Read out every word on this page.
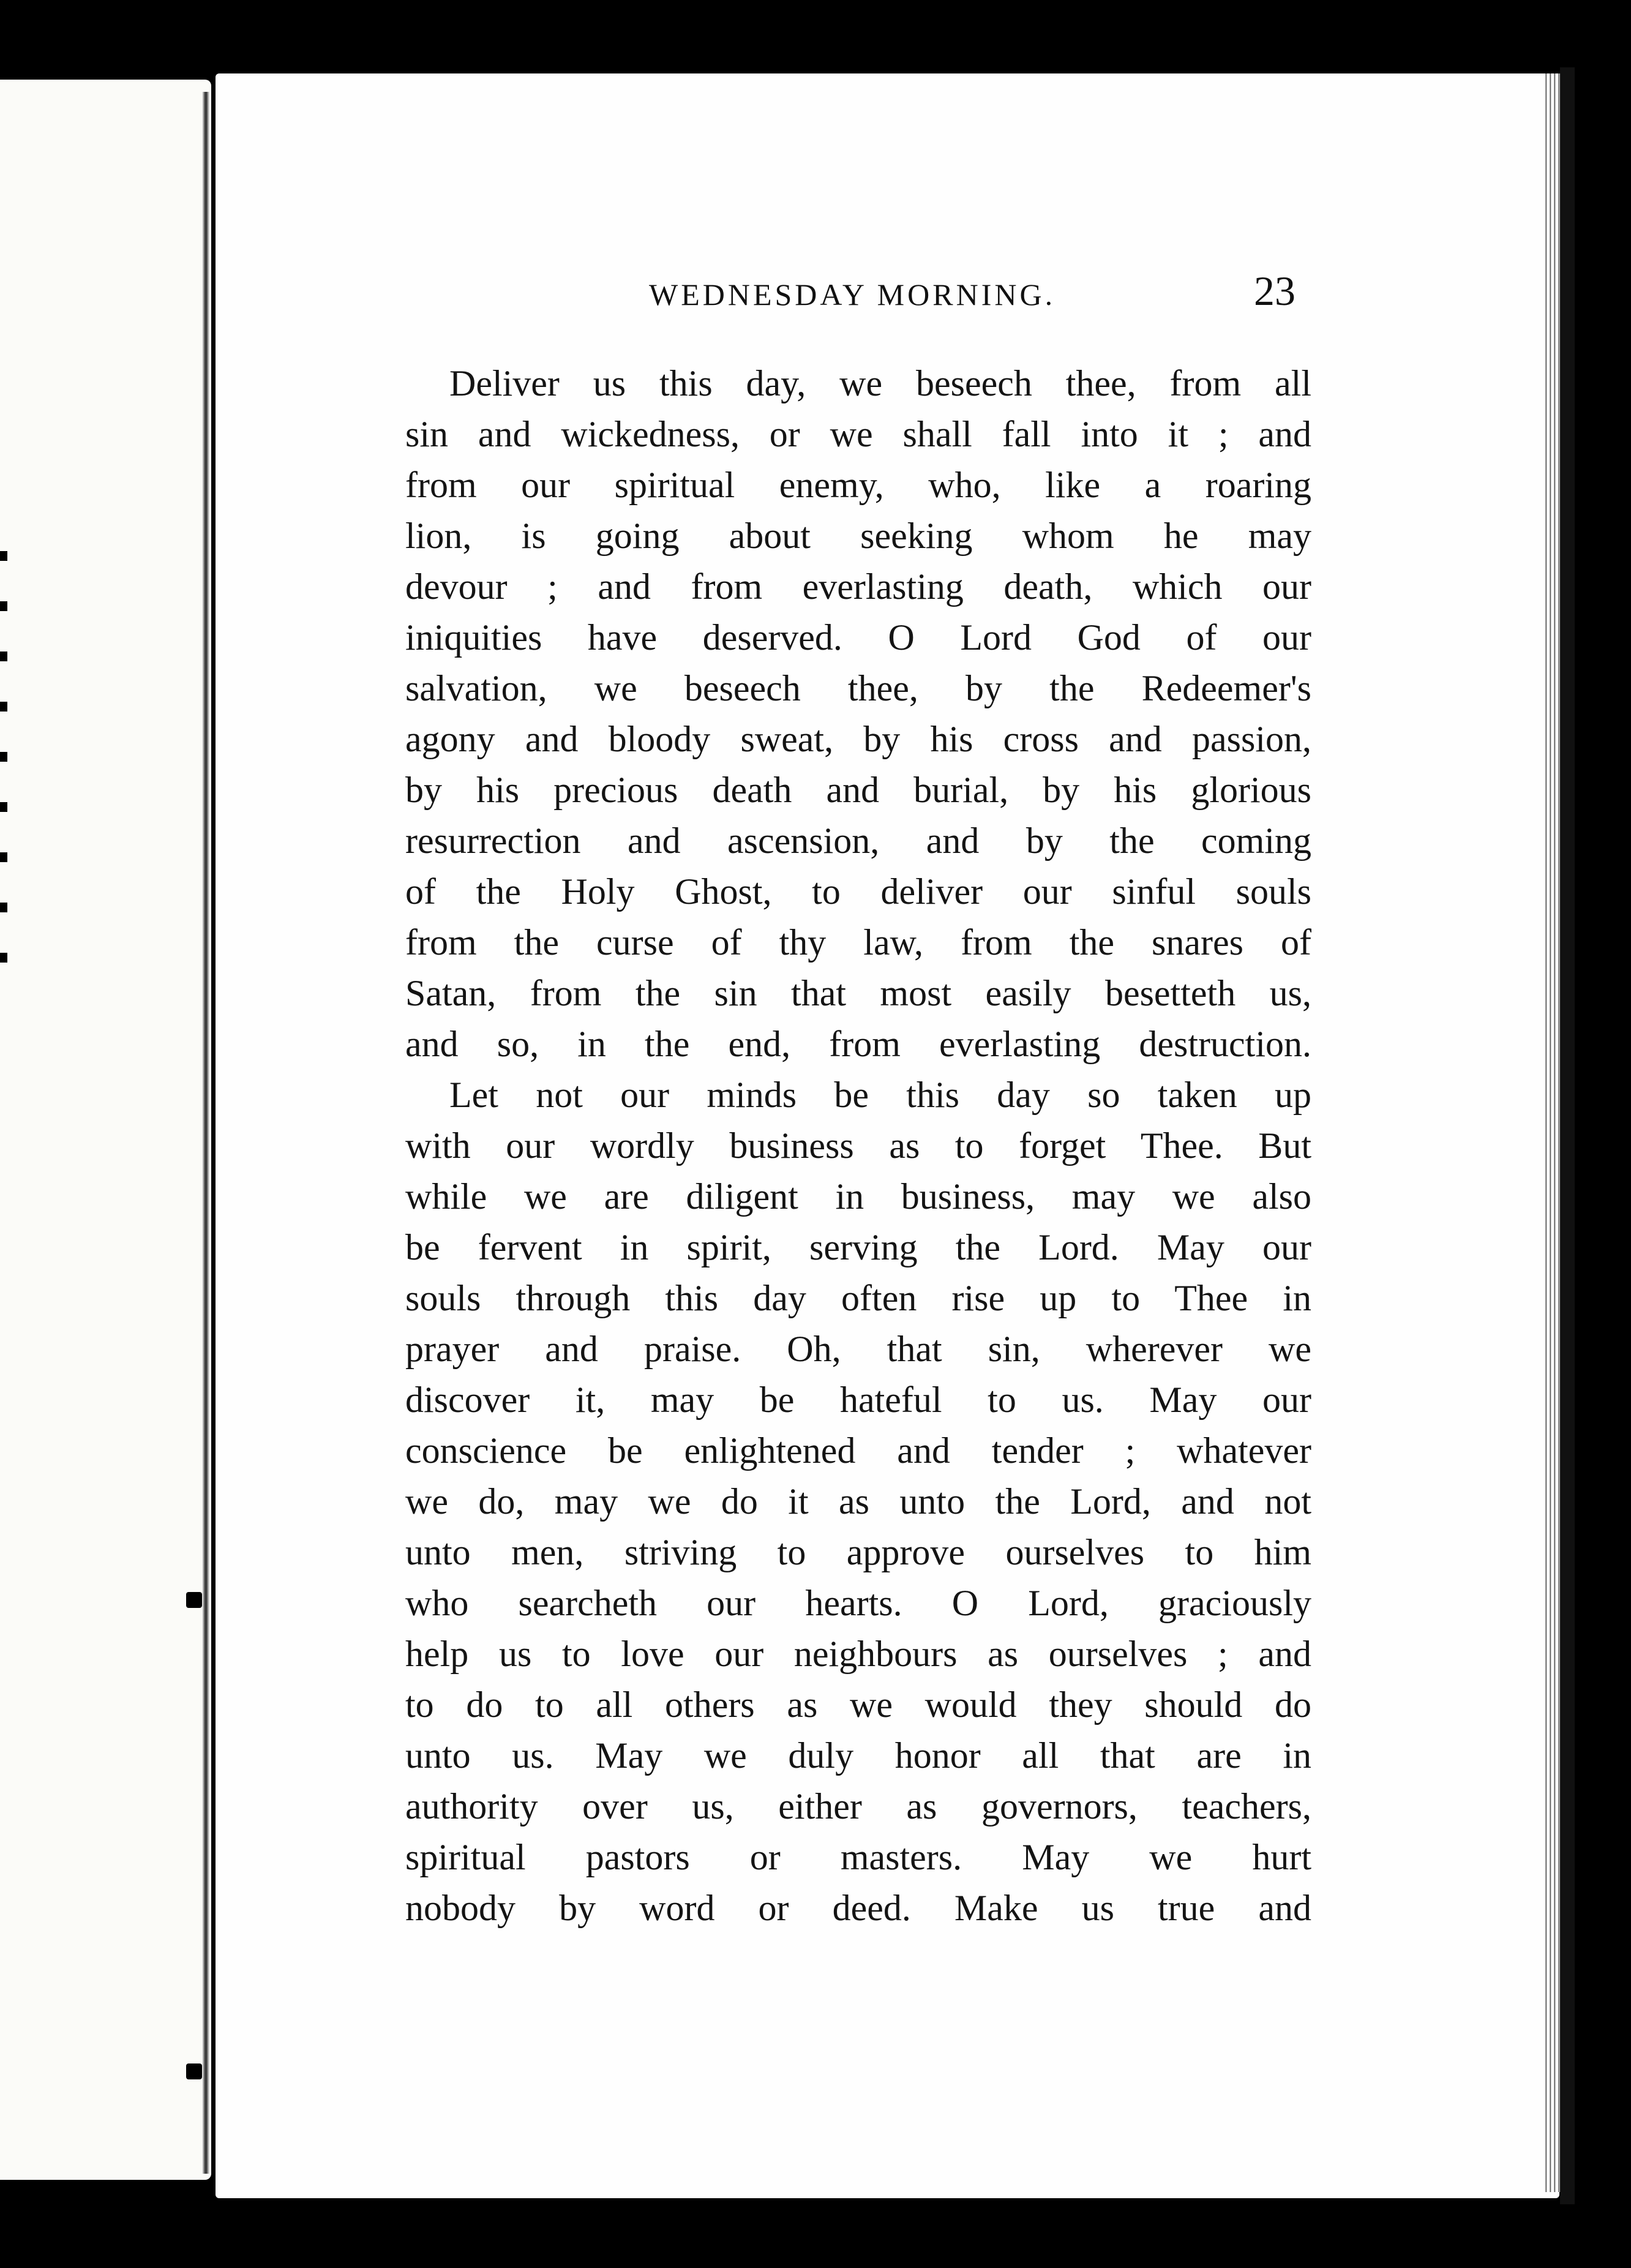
WEDNESDAY MORNING.	23
Deliver us this day, we beseech thee, from all
sin and wickedness, or we shall fall into it ; and
from our spiritual enemy, who, like a roaring
lion, is going about seeking whom he may
devour ; and from everlasting death, which our
iniquities have deserved. O Lord God of our
salvation, we beseech thee, by the Redeemer's
agony and bloody sweat, by his cross and passion,
by his precious death and burial, by his glorious
resurrection and ascension, and by the coming
of the Holy Ghost, to deliver our sinful souls
from the curse of thy law, from the snares of
Satan, from the sin that most easily besetteth us,
and so, in the end, from everlasting destruction.
Let not our minds be this day so taken up
with our wordly business as to forget Thee. But
while we are diligent in business, may we also
be fervent in spirit, serving the Lord. May our
souls through this day often rise up to Thee in
prayer and praise. Oh, that sin, wherever we
discover it, may be hateful to us. May our
conscience be enlightened and tender ; whatever
we do, may we do it as unto the Lord, and not
unto men, striving to approve ourselves to him
who searcheth our hearts. O Lord, graciously
help us to love our neighbours as ourselves ; and
to do to all others as we would they should do
unto us. May we duly honor all that are in
authority over us, either as governors, teachers,
spiritual pastors or masters. May we hurt
nobody by word or deed. Make us true and
